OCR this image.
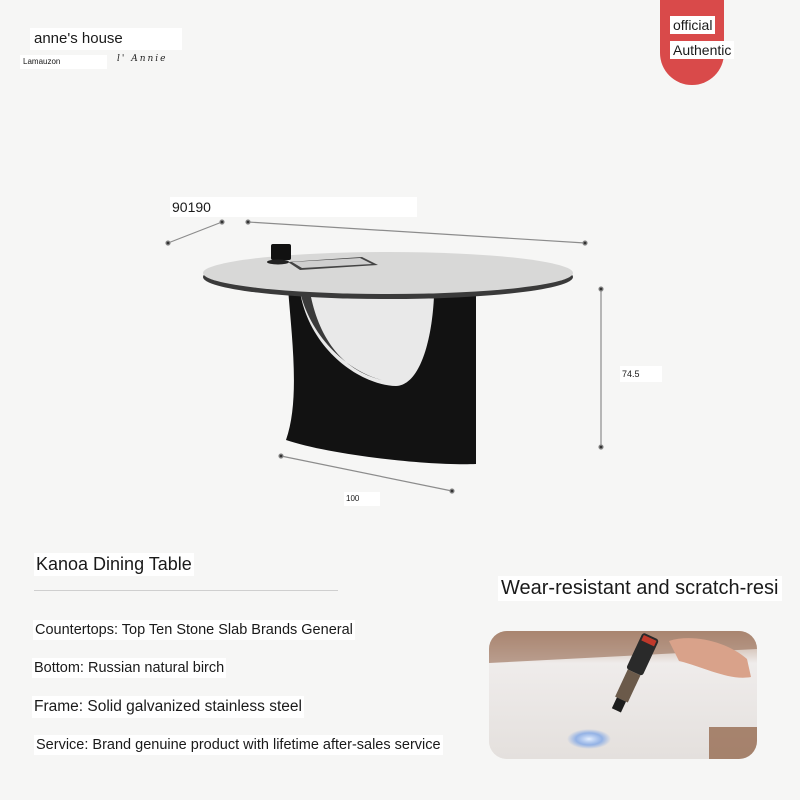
anne's house
Lamauzon	l' Annie
official
Authentic
90190
74.5
100
Kanoa Dining Table
Countertops: Top Ten Stone Slab Brands General
Bottom: Russian natural birch
Frame: Solid galvanized stainless steel
Service: Brand genuine product with lifetime after-sales service
Wear-resistant and scratch-resi
